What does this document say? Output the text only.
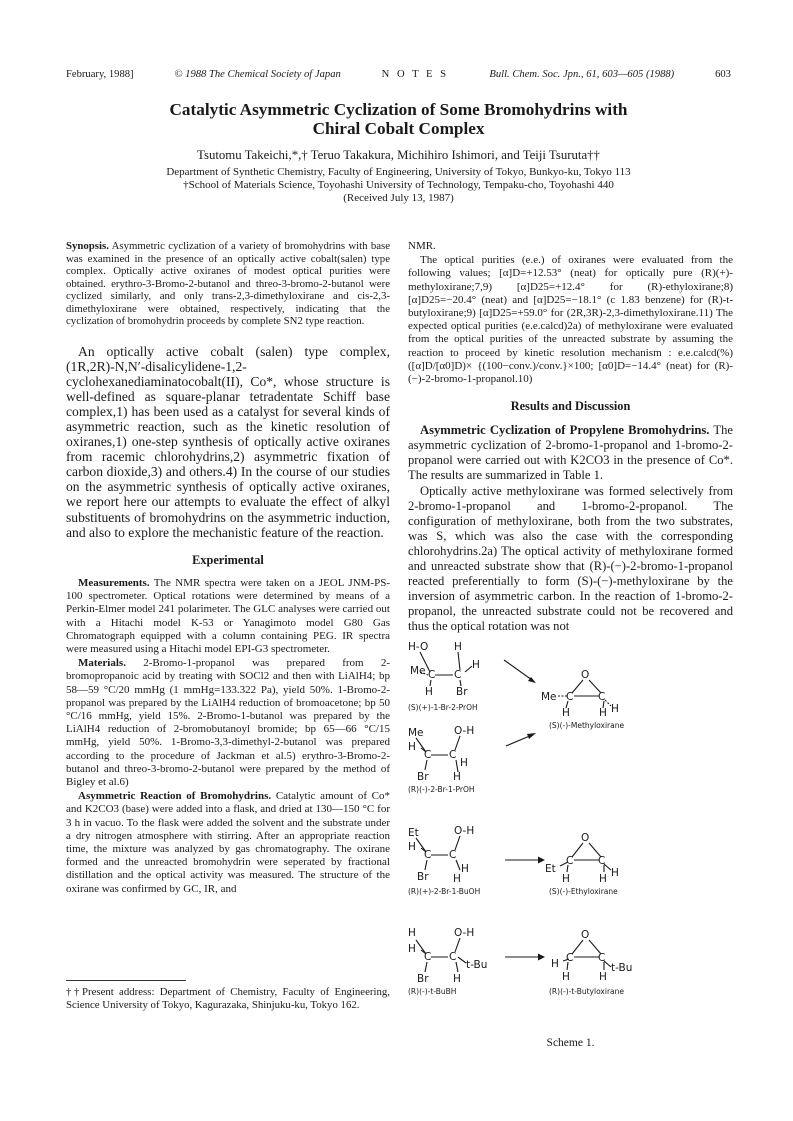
February, 1988]	© 1988 The Chemical Society of Japan	N O T E S	Bull. Chem. Soc. Jpn., 61, 603—605 (1988)	603
Catalytic Asymmetric Cyclization of Some Bromohydrins with
Chiral Cobalt Complex
Tsutomu Takeichi,*,† Teruo Takakura, Michihiro Ishimori, and Teiji Tsuruta††
Department of Synthetic Chemistry, Faculty of Engineering, University of Tokyo, Bunkyo-ku, Tokyo 113
†School of Materials Science, Toyohashi University of Technology, Tempaku-cho, Toyohashi 440
(Received July 13, 1987)

Synopsis. Asymmetric cyclization of a variety of bromohydrins with base was examined in the presence of an optically active cobalt(salen) type complex. Optically active oxiranes of modest optical purities were obtained. erythro-3-Bromo-2-butanol and threo-3-bromo-2-butanol were cyclized similarly, and only trans-2,3-dimethyloxirane and cis-2,3-dimethyloxirane were obtained, respectively, indicating that the cyclization of bromohydrin proceeds by complete SN2 type reaction.

An optically active cobalt (salen) type complex, (1R,2R)-N,N′-disalicylidene-1,2-cyclohexanediaminatocobalt(II), Co*, whose structure is well-defined as square-planar tetradentate Schiff base complex,1) has been used as a catalyst for several kinds of asymmetric reaction, such as the kinetic resolution of oxiranes,1) one-step synthesis of optically active oxiranes from racemic chlorohydrins,2) asymmetric fixation of carbon dioxide,3) and others.4) In the course of our studies on the asymmetric synthesis of optically active oxiranes, we report here our attempts to evaluate the effect of alkyl substituents of bromohydrins on the asymmetric induction, and also to explore the mechanistic feature of the reaction.

Experimental

Measurements. The NMR spectra were taken on a JEOL JNM-PS-100 spectrometer. Optical rotations were determined by means of a Perkin-Elmer model 241 polarimeter. The GLC analyses were carried out with a Hitachi model K-53 or Yanagimoto model G80 Gas Chromatograph equipped with a column containing PEG. IR spectra were measured using a Hitachi model EPI-G3 spectrometer.

Materials. 2-Bromo-1-propanol was prepared from 2-bromopropanoic acid by treating with SOCl2 and then with LiAlH4; bp 58—59 °C/20 mmHg (1 mmHg=133.322 Pa), yield 50%. 1-Bromo-2-propanol was prepared by the LiAlH4 reduction of bromoacetone; bp 50 °C/16 mmHg, yield 15%. 2-Bromo-1-butanol was prepared by the LiAlH4 reduction of 2-bromobutanoyl bromide; bp 65—66 °C/15 mmHg, yield 50%. 1-Bromo-3,3-dimethyl-2-butanol was prepared according to the procedure of Jackman et al.5) erythro-3-Bromo-2-butanol and threo-3-bromo-2-butanol were prepared by the method of Bigley et al.6)

Asymmetric Reaction of Bromohydrins. Catalytic amount of Co* and K2CO3 (base) were added into a flask, and dried at 130—150 °C for 3 h in vacuo. To the flask were added the solvent and the substrate under a dry nitrogen atmosphere with stirring. After an appropriate reaction time, the mixture was analyzed by gas chromatography. The oxirane formed and the unreacted bromohydrin were seperated by fractional distillation and the optical activity was measured. The structure of the oxirane was confirmed by GC, IR, and

††Present address: Department of Chemistry, Faculty of Engineering, Science University of Tokyo, Kagurazaka, Shinjuku-ku, Tokyo 162.

NMR.

The optical purities (e.e.) of oxiranes were evaluated from the following values; [α]D=+12.53° (neat) for optically pure (R)(+)-methyloxirane;7,9) [α]D25=+12.4° for (R)-ethyloxirane;8) [α]D25=−20.4° (neat) and [α]D25=−18.1° (c 1.83 benzene) for (R)-t-butyloxirane;9) [α]D25=+59.0° for (2R,3R)-2,3-dimethyloxirane.11) The expected optical purities (e.e.calcd)2a) of methyloxirane were evaluated from the optical purities of the unreacted substrate by assuming the reaction to proceed by kinetic resolution mechanism : e.e.calcd(%)([α]D/[α0]D)× {(100−conv.)/conv.}×100; [α0]D=−14.4° (neat) for (R)-(−)-2-bromo-1-propanol.10)

Results and Discussion

Asymmetric Cyclization of Propylene Bromohydrins. The asymmetric cyclization of 2-bromo-1-propanol and 1-bromo-2-propanol were carried out with K2CO3 in the presence of Co*. The results are summarized in Table 1.

Optically active methyloxirane was formed selectively from 2-bromo-1-propanol and 1-bromo-2-propanol. The configuration of methyloxirane, both from the two substrates, was S, which was also the case with the corresponding chlorohydrins.2a) The optical activity of methyloxirane formed and unreacted substrate show that (R)-(−)-2-bromo-1-propanol reacted preferentially to form (S)-(−)-methyloxirane by the inversion of asymmetric carbon. In the reaction of 1-bromo-2-propanol, the unreacted substrate could not be recovered and thus the optical rotation was not

H-O H
Me C C
H
H Br
O
Me C C
H
H	H
Me	O-H
H
C C
H
Br H
Et	O-H
H
C C
H
Br H
O
Et
C C
H
H	H
H	O-H
H
C C
t-Bu
Br H
O
H C C
t-Bu
H	H
(S)(+)-1-Br-2-PrOH
(R)(-)-2-Br-1-PrOH
(S)(-)-Methyloxirane
(R)(+)-2-Br-1-BuOH	(S)(-)-Ethyloxirane
(R)(-)-t-BuBH	(R)(-)-t-Butyloxirane
Scheme 1.
